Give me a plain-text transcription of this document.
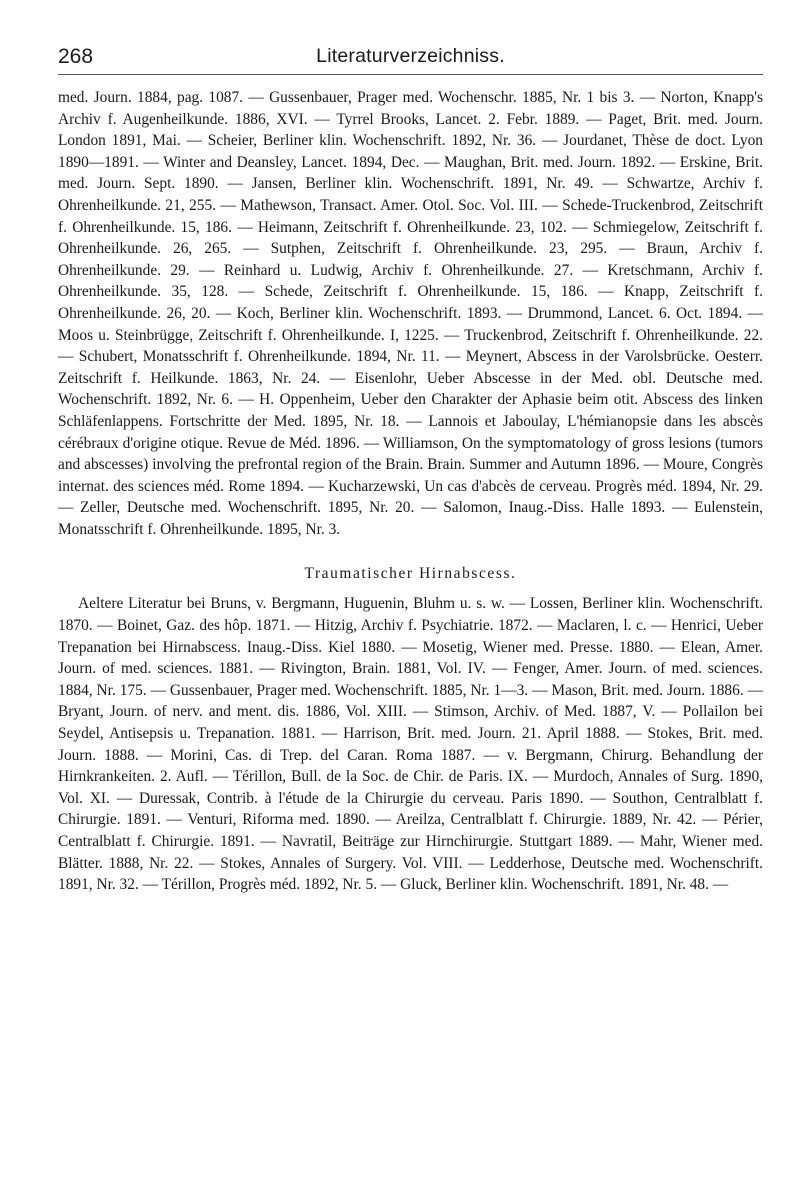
268	Literaturverzeichniss.

med. Journ. 1884, pag. 1087. — Gussenbauer, Prager med. Wochenschr. 1885, Nr. 1 bis 3. — Norton, Knapp's Archiv f. Augenheilkunde. 1886, XVI. — Tyrrel Brooks, Lancet. 2. Febr. 1889. — Paget, Brit. med. Journ. London 1891, Mai. — Scheier, Berliner klin. Wochenschrift. 1892, Nr. 36. — Jourdanet, Thèse de doct. Lyon 1890—1891. — Winter and Deansley, Lancet. 1894, Dec. — Maughan, Brit. med. Journ. 1892. — Erskine, Brit. med. Journ. Sept. 1890. — Jansen, Berliner klin. Wochenschrift. 1891, Nr. 49. — Schwartze, Archiv f. Ohrenheilkunde. 21, 255. — Mathewson, Transact. Amer. Otol. Soc. Vol. III. — Schede-Truckenbrod, Zeitschrift f. Ohrenheilkunde. 15, 186. — Heimann, Zeitschrift f. Ohrenheilkunde. 23, 102. — Schmiegelow, Zeitschrift f. Ohrenheilkunde. 26, 265. — Sutphen, Zeitschrift f. Ohrenheilkunde. 23, 295. — Braun, Archiv f. Ohrenheilkunde. 29. — Reinhard u. Ludwig, Archiv f. Ohrenheilkunde. 27. — Kretschmann, Archiv f. Ohrenheilkunde. 35, 128. — Schede, Zeitschrift f. Ohrenheilkunde. 15, 186. — Knapp, Zeitschrift f. Ohrenheilkunde. 26, 20. — Koch, Berliner klin. Wochenschrift. 1893. — Drummond, Lancet. 6. Oct. 1894. — Moos u. Steinbrügge, Zeitschrift f. Ohrenheilkunde. I, 1225. — Truckenbrod, Zeitschrift f. Ohrenheilkunde. 22. — Schubert, Monatsschrift f. Ohrenheilkunde. 1894, Nr. 11. — Meynert, Abscess in der Varolsbrücke. Oesterr. Zeitschrift f. Heilkunde. 1863, Nr. 24. — Eisenlohr, Ueber Abscesse in der Med. obl. Deutsche med. Wochenschrift. 1892, Nr. 6. — H. Oppenheim, Ueber den Charakter der Aphasie beim otit. Abscess des linken Schläfenlappens. Fortschritte der Med. 1895, Nr. 18. — Lannois et Jaboulay, L'hémianopsie dans les abscès cérébraux d'origine otique. Revue de Méd. 1896. — Williamson, On the symptomatology of gross lesions (tumors and abscesses) involving the prefrontal region of the Brain. Brain. Summer and Autumn 1896. — Moure, Congrès internat. des sciences méd. Rome 1894. — Kucharzewski, Un cas d'abcès de cerveau. Progrès méd. 1894, Nr. 29. — Zeller, Deutsche med. Wochenschrift. 1895, Nr. 20. — Salomon, Inaug.-Diss. Halle 1893. — Eulenstein, Monatsschrift f. Ohrenheilkunde. 1895, Nr. 3.

Traumatischer Hirnabscess.

Aeltere Literatur bei Bruns, v. Bergmann, Huguenin, Bluhm u. s. w. — Lossen, Berliner klin. Wochenschrift. 1870. — Boinet, Gaz. des hôp. 1871. — Hitzig, Archiv f. Psychiatrie. 1872. — Maclaren, l. c. — Henrici, Ueber Trepanation bei Hirnabscess. Inaug.-Diss. Kiel 1880. — Mosetig, Wiener med. Presse. 1880. — Elean, Amer. Journ. of med. sciences. 1881. — Rivington, Brain. 1881, Vol. IV. — Fenger, Amer. Journ. of med. sciences. 1884, Nr. 175. — Gussenbauer, Prager med. Wochenschrift. 1885, Nr. 1—3. — Mason, Brit. med. Journ. 1886. — Bryant, Journ. of nerv. and ment. dis. 1886, Vol. XIII. — Stimson, Archiv. of Med. 1887, V. — Pollailon bei Seydel, Antisepsis u. Trepanation. 1881. — Harrison, Brit. med. Journ. 21. April 1888. — Stokes, Brit. med. Journ. 1888. — Morini, Cas. di Trep. del Caran. Roma 1887. — v. Bergmann, Chirurg. Behandlung der Hirnkrankeiten. 2. Aufl. — Térillon, Bull. de la Soc. de Chir. de Paris. IX. — Murdoch, Annales of Surg. 1890, Vol. XI. — Duressak, Contrib. à l'étude de la Chirurgie du cerveau. Paris 1890. — Southon, Centralblatt f. Chirurgie. 1891. — Venturi, Riforma med. 1890. — Areilza, Centralblatt f. Chirurgie. 1889, Nr. 42. — Périer, Centralblatt f. Chirurgie. 1891. — Navratil, Beiträge zur Hirnchirurgie. Stuttgart 1889. — Mahr, Wiener med. Blätter. 1888, Nr. 22. — Stokes, Annales of Surgery. Vol. VIII. — Ledderhose, Deutsche med. Wochenschrift. 1891, Nr. 32. — Térillon, Progrès méd. 1892, Nr. 5. — Gluck, Berliner klin. Wochenschrift. 1891, Nr. 48. —
